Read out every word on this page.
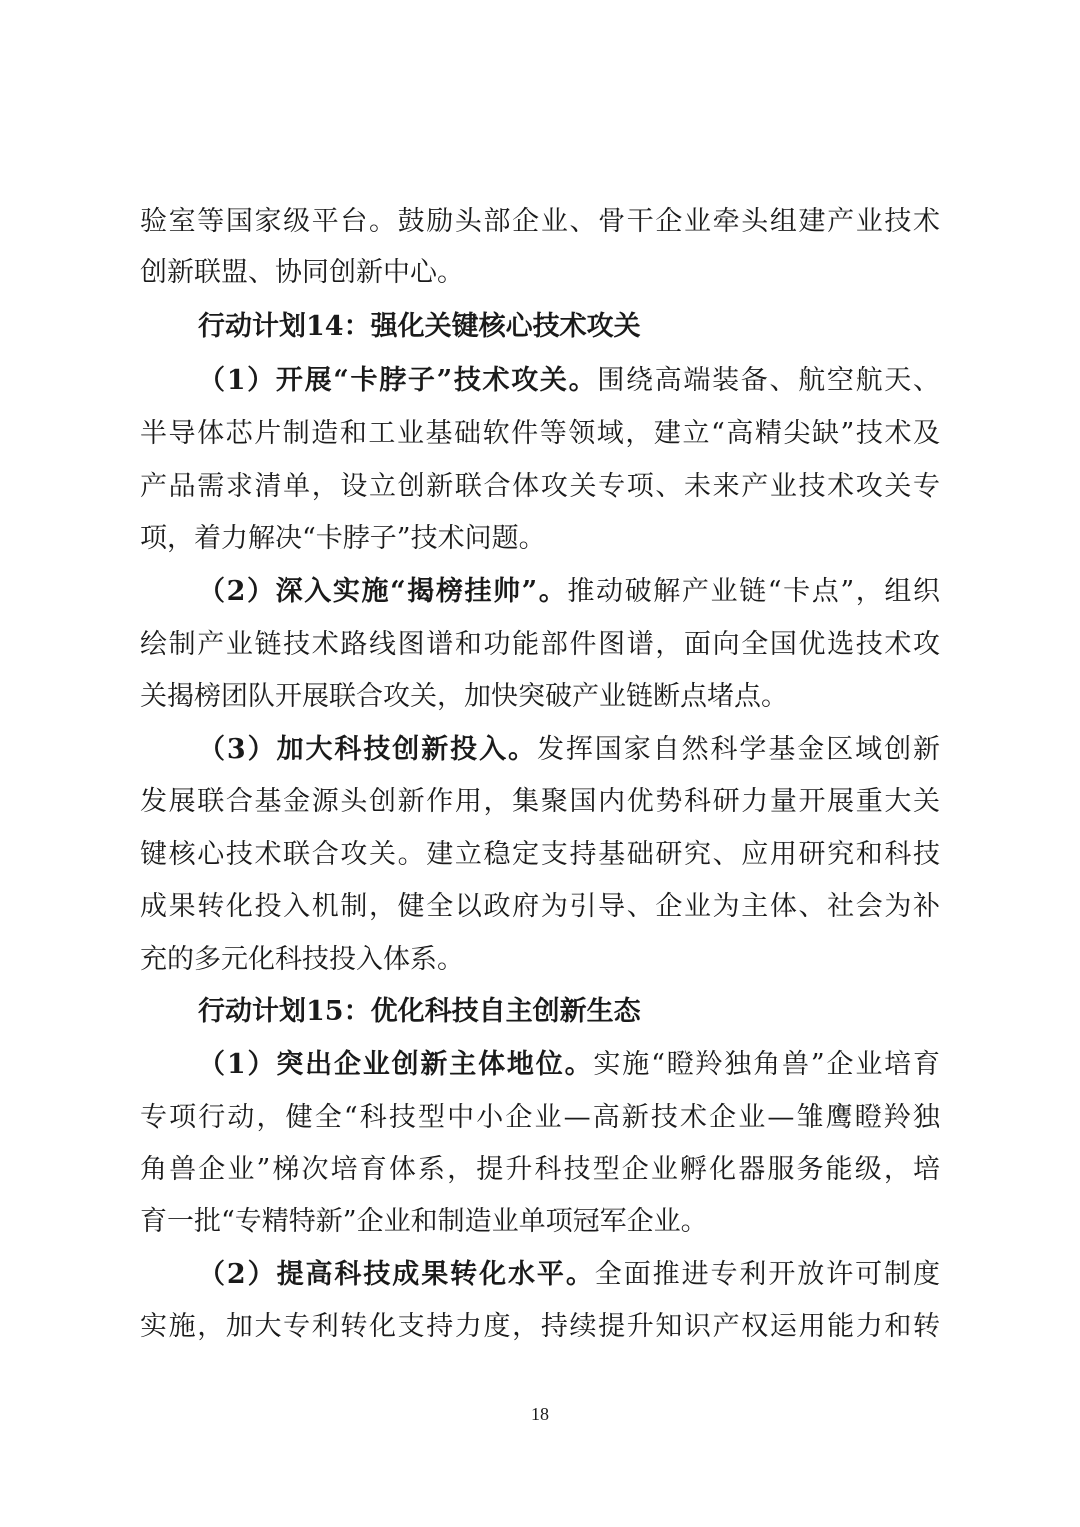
18
验室等国家级平台。鼓励头部企业、骨干企业牵头组建产业技术
创新联盟、协同创新中心。
行动计划14：强化关键核心技术攻关
（1）开展“卡脖子”技术攻关。围绕高端装备、航空航天、
半导体芯片制造和工业基础软件等领域，建立“高精尖缺”技术及
产品需求清单，设立创新联合体攻关专项、未来产业技术攻关专
项，着力解决“卡脖子”技术问题。
（2）深入实施“揭榜挂帅”。推动破解产业链“卡点”，组织
绘制产业链技术路线图谱和功能部件图谱，面向全国优选技术攻
关揭榜团队开展联合攻关，加快突破产业链断点堵点。
（3）加大科技创新投入。发挥国家自然科学基金区域创新
发展联合基金源头创新作用，集聚国内优势科研力量开展重大关
键核心技术联合攻关。建立稳定支持基础研究、应用研究和科技
成果转化投入机制，健全以政府为引导、企业为主体、社会为补
充的多元化科技投入体系。
行动计划15：优化科技自主创新生态
（1）突出企业创新主体地位。实施“瞪羚独角兽”企业培育
专项行动，健全“科技型中小企业—高新技术企业—雏鹰瞪羚独
角兽企业”梯次培育体系，提升科技型企业孵化器服务能级，培
育一批“专精特新”企业和制造业单项冠军企业。
（2）提高科技成果转化水平。全面推进专利开放许可制度
实施，加大专利转化支持力度，持续提升知识产权运用能力和转
